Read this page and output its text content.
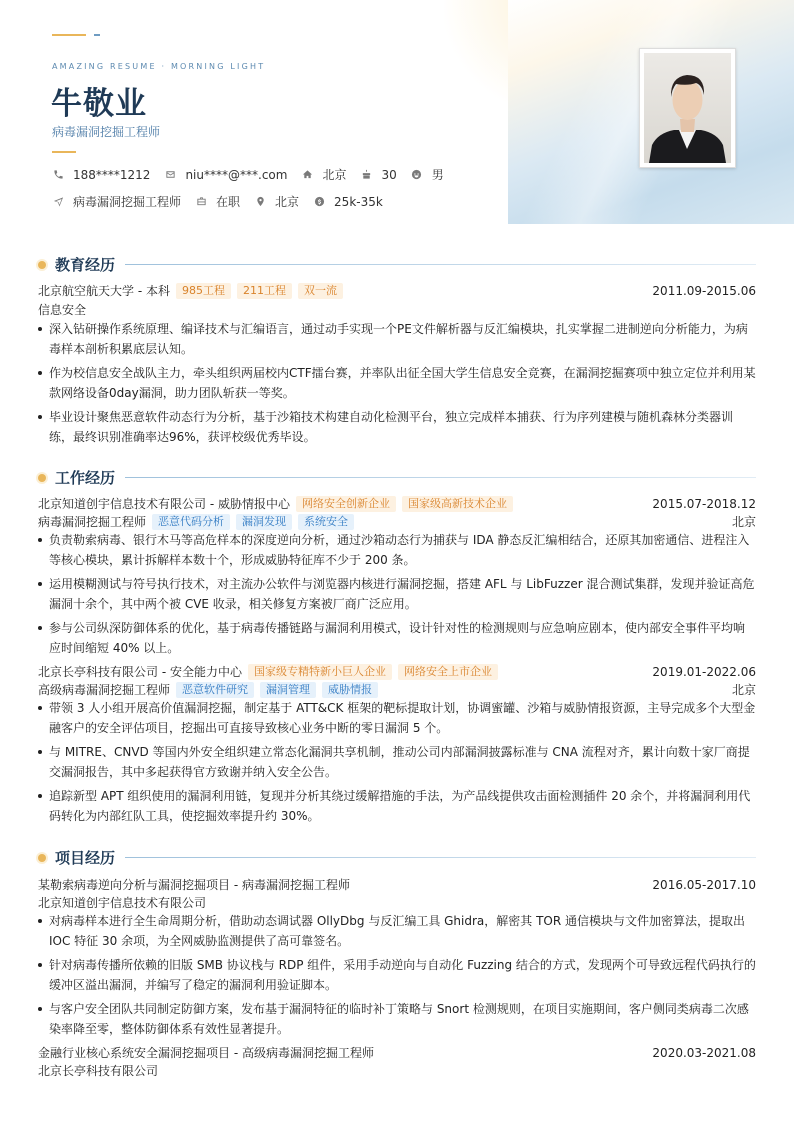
AMAZING RESUME · MORNING LIGHT
牛敬业
病毒漏洞挖掘工程师
188****1212	niu****@***.com	北京	30	男
病毒漏洞挖掘工程师	在职	北京	25k-35k
教育经历
北京航空航天大学 - 本科	985工程	211工程	双一流	2011.09-2015.06
信息安全
深入钻研操作系统原理、编译技术与汇编语言，通过动手实现一个PE文件解析器与反汇编模块，扎实掌握二进制逆向分析能力，为病毒样本剖析积累底层认知。
作为校信息安全战队主力，牵头组织两届校内CTF擂台赛，并率队出征全国大学生信息安全竞赛，在漏洞挖掘赛项中独立定位并利用某款网络设备0day漏洞，助力团队斩获一等奖。
毕业设计聚焦恶意软件动态行为分析，基于沙箱技术构建自动化检测平台，独立完成样本捕获、行为序列建模与随机森林分类器训练，最终识别准确率达96%，获评校级优秀毕设。
工作经历
北京知道创宇信息技术有限公司 - 威胁情报中心	网络安全创新企业	国家级高新技术企业	2015.07-2018.12
病毒漏洞挖掘工程师	恶意代码分析	漏洞发现	系统安全	北京
负责勒索病毒、银行木马等高危样本的深度逆向分析，通过沙箱动态行为捕获与 IDA 静态反汇编相结合，还原其加密通信、进程注入等核心模块，累计拆解样本数十个，形成威胁特征库不少于 200 条。
运用模糊测试与符号执行技术，对主流办公软件与浏览器内核进行漏洞挖掘，搭建 AFL 与 LibFuzzer 混合测试集群，发现并验证高危漏洞十余个，其中两个被 CVE 收录，相关修复方案被厂商广泛应用。
参与公司纵深防御体系的优化，基于病毒传播链路与漏洞利用模式，设计针对性的检测规则与应急响应剧本，使内部安全事件平均响应时间缩短 40% 以上。
北京长亭科技有限公司 - 安全能力中心	国家级专精特新小巨人企业	网络安全上市企业	2019.01-2022.06
高级病毒漏洞挖掘工程师	恶意软件研究	漏洞管理	威胁情报	北京
带领 3 人小组开展高价值漏洞挖掘，制定基于 ATT&CK 框架的靶标提取计划，协调蜜罐、沙箱与威胁情报资源，主导完成多个大型金融客户的安全评估项目，挖掘出可直接导致核心业务中断的零日漏洞 5 个。
与 MITRE、CNVD 等国内外安全组织建立常态化漏洞共享机制，推动公司内部漏洞披露标准与 CNA 流程对齐，累计向数十家厂商提交漏洞报告，其中多起获得官方致谢并纳入安全公告。
追踪新型 APT 组织使用的漏洞利用链，复现并分析其绕过缓解措施的手法，为产品线提供攻击面检测插件 20 余个，并将漏洞利用代码转化为内部红队工具，使挖掘效率提升约 30%。
项目经历
某勒索病毒逆向分析与漏洞挖掘项目 - 病毒漏洞挖掘工程师	2016.05-2017.10
北京知道创宇信息技术有限公司
对病毒样本进行全生命周期分析，借助动态调试器 OllyDbg 与反汇编工具 Ghidra，解密其 TOR 通信模块与文件加密算法，提取出 IOC 特征 30 余项，为全网威胁监测提供了高可靠签名。
针对病毒传播所依赖的旧版 SMB 协议栈与 RDP 组件，采用手动逆向与自动化 Fuzzing 结合的方式，发现两个可导致远程代码执行的缓冲区溢出漏洞，并编写了稳定的漏洞利用验证脚本。
与客户安全团队共同制定防御方案，发布基于漏洞特征的临时补丁策略与 Snort 检测规则，在项目实施期间，客户侧同类病毒二次感染率降至零，整体防御体系有效性显著提升。
金融行业核心系统安全漏洞挖掘项目 - 高级病毒漏洞挖掘工程师	2020.03-2021.08
北京长亭科技有限公司
